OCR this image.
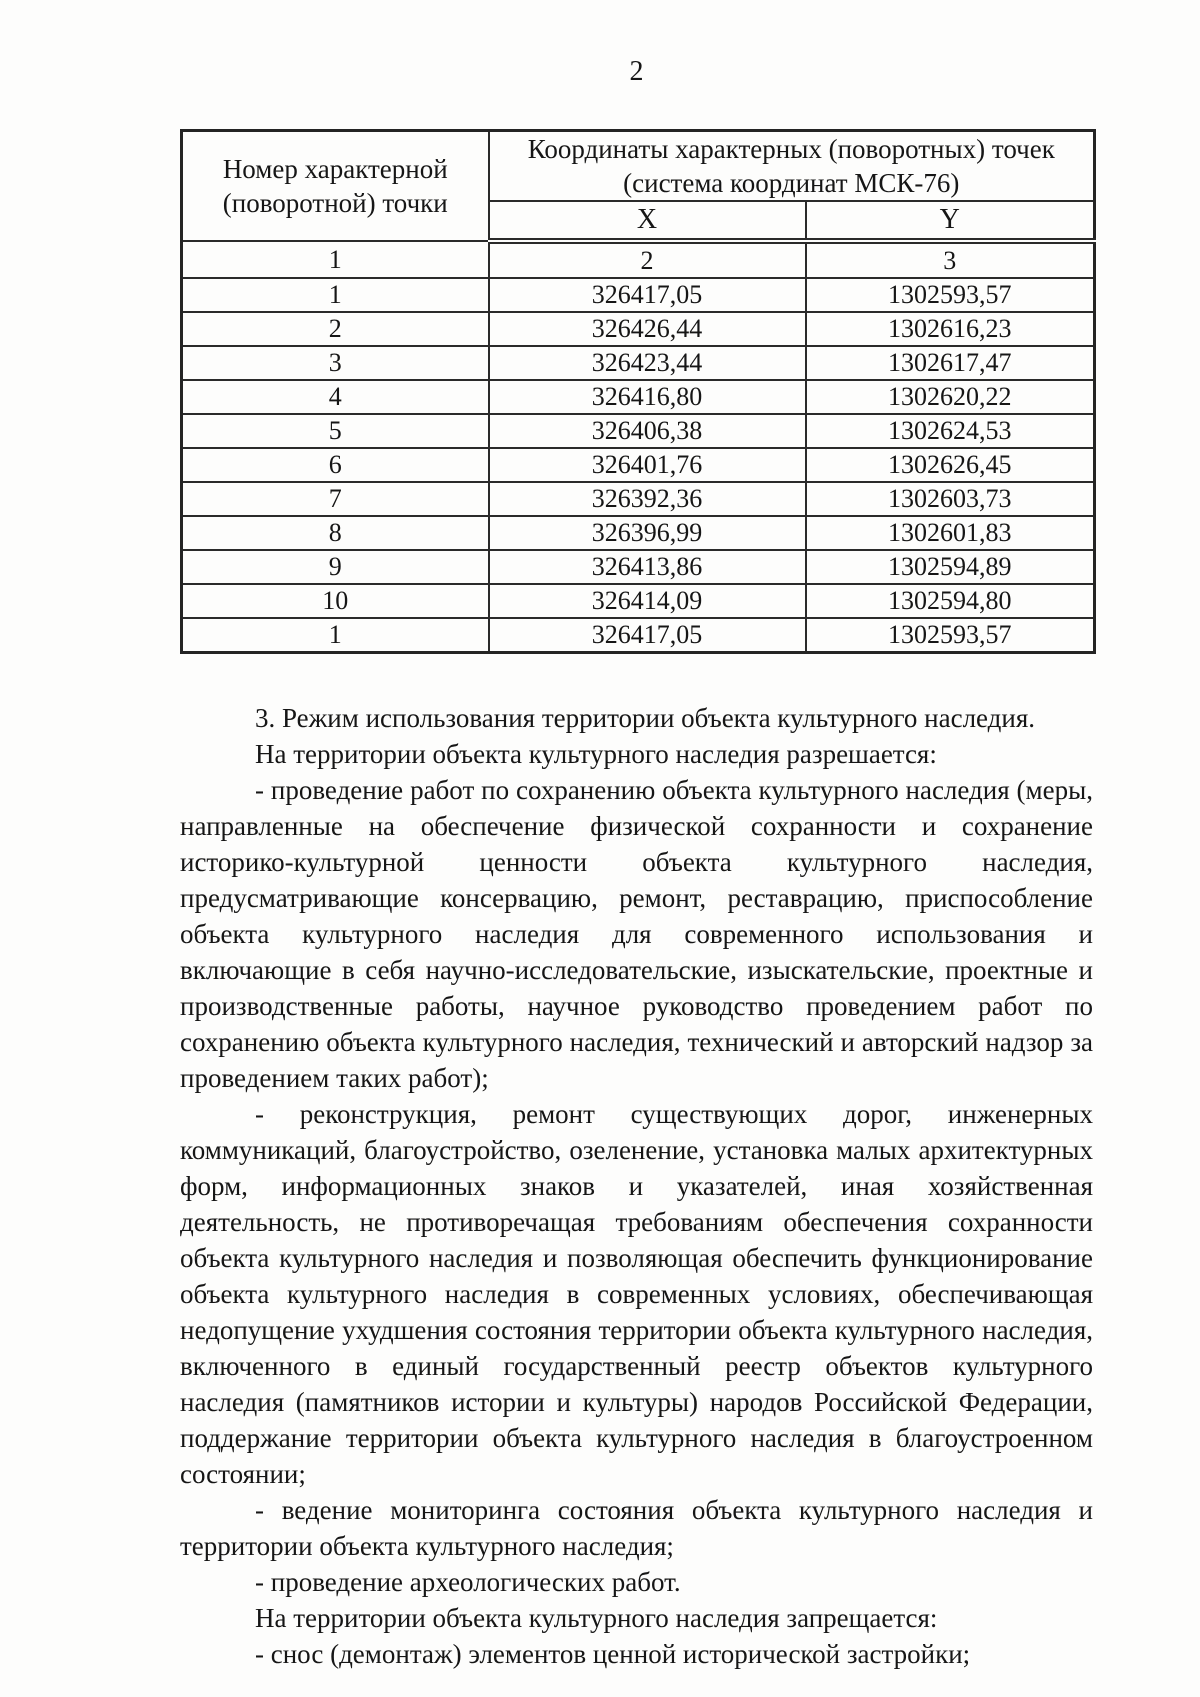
2
Номер характерной (поворотной) точки	Координаты характерных (поворотных) точек
(система координат МСК-76)	

	X	Y
1	2	3
1	326417,05	1302593,57
2	326426,44	1302616,23
3	326423,44	1302617,47
4	326416,80	1302620,22
5	326406,38	1302624,53
6	326401,76	1302626,45
7	326392,36	1302603,73
8	326396,99	1302601,83
9	326413,86	1302594,89
10	326414,09	1302594,80
1	326417,05	1302593,57

3. Режим использования территории объекта культурного наследия.

На территории объекта культурного наследия разрешается:

- проведение работ по сохранению объекта культурного наследия (меры, направленные на обеспечение физической сохранности и сохранение историко-культурной ценности объекта культурного наследия, предусматривающие консервацию, ремонт, реставрацию, приспособление объекта культурного наследия для современного использования и включающие в себя научно-исследовательские, изыскательские, проектные и производственные работы, научное руководство проведением работ по сохранению объекта культурного наследия, технический и авторский надзор за проведением таких работ);

- реконструкция, ремонт существующих дорог, инженерных коммуникаций, благоустройство, озеленение, установка малых архитектурных форм, информационных знаков и указателей, иная хозяйственная деятельность, не противоречащая требованиям обеспечения сохранности объекта культурного наследия и позволяющая обеспечить функционирование объекта культурного наследия в современных условиях, обеспечивающая недопущение ухудшения состояния территории объекта культурного наследия, включенного в единый государственный реестр объектов культурного наследия (памятников истории и культуры) народов Российской Федерации, поддержание территории объекта культурного наследия в благоустроенном состоянии;

- ведение мониторинга состояния объекта культурного наследия и территории объекта культурного наследия;

- проведение археологических работ.

На территории объекта культурного наследия запрещается:

- снос (демонтаж) элементов ценной исторической застройки;
